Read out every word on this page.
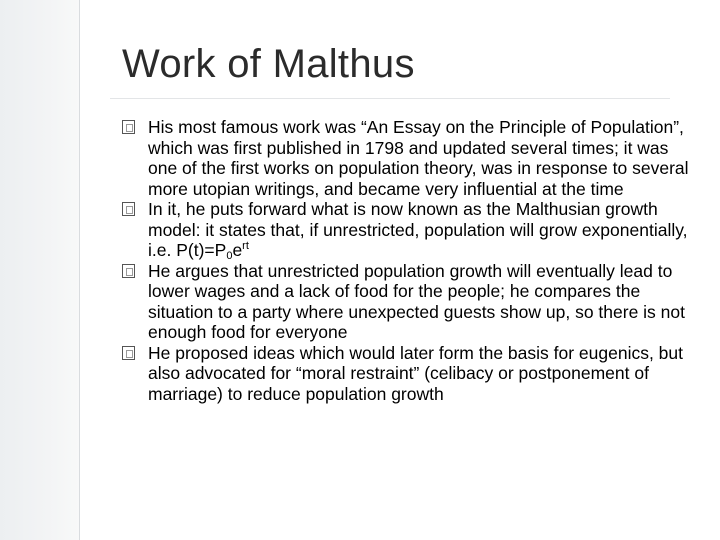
Work of Malthus
His most famous work was “An Essay on the Principle of Population”, which was first published in 1798 and updated several times; it was one of the first works on population theory, was in response to several more utopian writings, and became very influential at the time
In it, he puts forward what is now known as the Malthusian growth model: it states that, if unrestricted, population will grow exponentially, i.e. $P(t)=P_0e^{rt}$
He argues that unrestricted population growth will eventually lead to lower wages and a lack of food for the people; he compares the situation to a party where unexpected guests show up, so there is not enough food for everyone
He proposed ideas which would later form the basis for eugenics, but also advocated for “moral restraint” (celibacy or postponement of marriage) to reduce population growth
